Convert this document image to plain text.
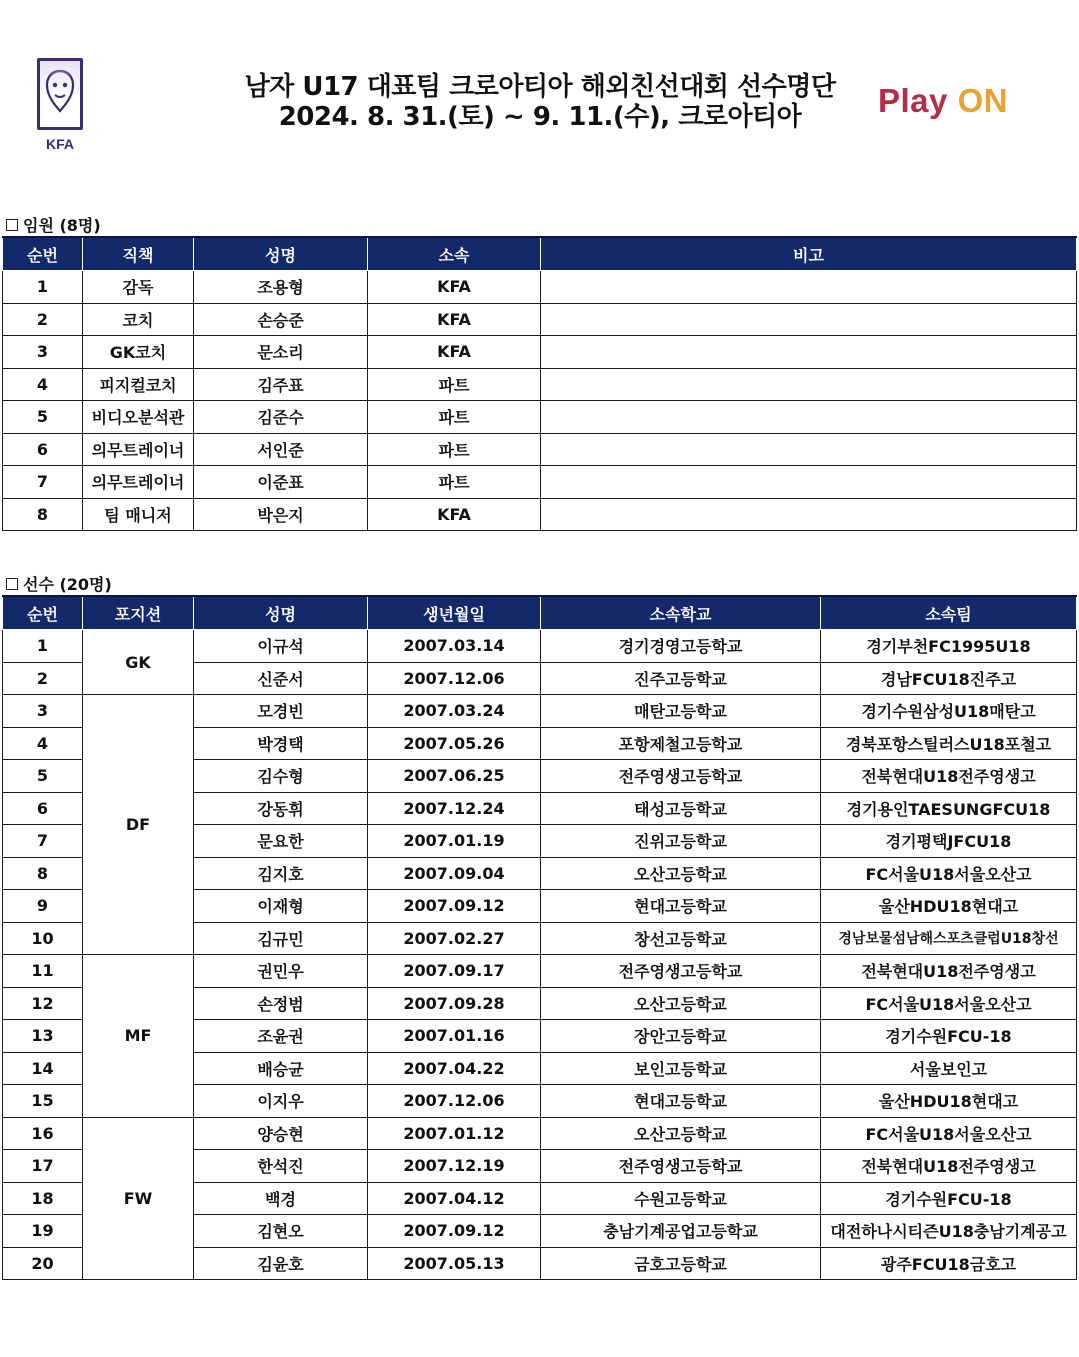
KFA
남자 U17 대표팀 크로아티아 해외친선대회 선수명단
2024. 8. 31.(토) ~ 9. 11.(수), 크로아티아	Play ON
임원 (8명)
순번	직책	성명	소속	비고
1	감독	조용형	KFA	
2	코치	손승준	KFA	
3	GK코치	문소리	KFA	
4	피지컬코치	김주표	파트	
5	비디오분석관	김준수	파트	
6	의무트레이너	서인준	파트	
7	의무트레이너	이준표	파트	
8	팀 매니저	박은지	KFA	
선수 (20명)
순번	포지션	성명	생년월일	소속학교	소속팀
1	GK	이규석	2007.03.14	경기경영고등학교	경기부천FC1995U18
2		신준서	2007.12.06	진주고등학교	경남FCU18진주고
3	DF	모경빈	2007.03.24	매탄고등학교	경기수원삼성U18매탄고
4		박경택	2007.05.26	포항제철고등학교	경북포항스틸러스U18포철고
5		김수형	2007.06.25	전주영생고등학교	전북현대U18전주영생고
6		강동휘	2007.12.24	태성고등학교	경기용인TAESUNGFCU18
7		문요한	2007.01.19	진위고등학교	경기평택JFCU18
8		김지호	2007.09.04	오산고등학교	FC서울U18서울오산고
9		이재형	2007.09.12	현대고등학교	울산HDU18현대고
10		김규민	2007.02.27	창선고등학교	경남보물섬남해스포츠클럽U18창선
11	MF	권민우	2007.09.17	전주영생고등학교	전북현대U18전주영생고
12		손정범	2007.09.28	오산고등학교	FC서울U18서울오산고
13		조윤권	2007.01.16	장안고등학교	경기수원FCU-18
14		배승균	2007.04.22	보인고등학교	서울보인고
15		이지우	2007.12.06	현대고등학교	울산HDU18현대고
16	FW	양승현	2007.01.12	오산고등학교	FC서울U18서울오산고
17		한석진	2007.12.19	전주영생고등학교	전북현대U18전주영생고
18		백경	2007.04.12	수원고등학교	경기수원FCU-18
19		김현오	2007.09.12	충남기계공업고등학교	대전하나시티즌U18충남기계공고
20		김윤호	2007.05.13	금호고등학교	광주FCU18금호고
